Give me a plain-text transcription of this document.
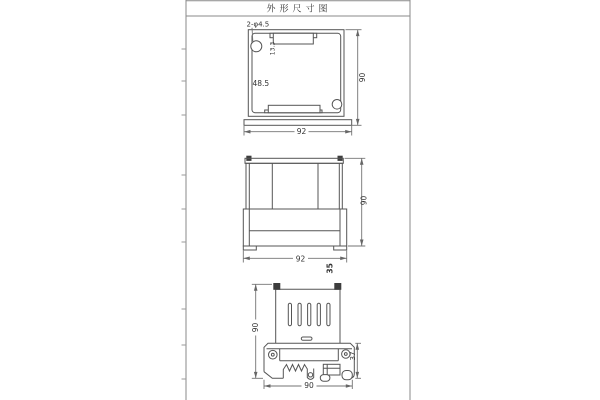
外形尺寸图
2-φ4.5
13.3
48.5
92
90
92
90
35
90
37
90
